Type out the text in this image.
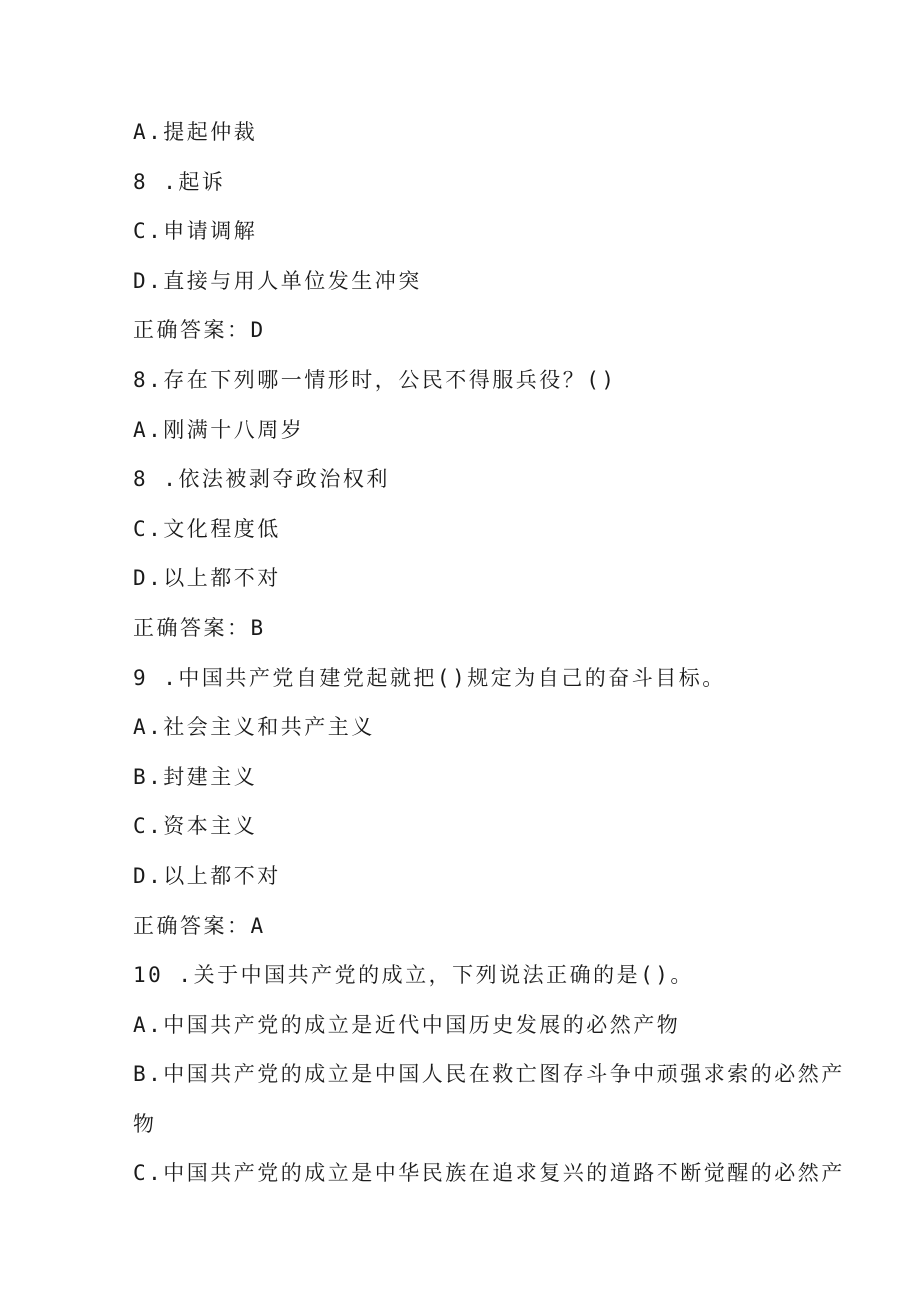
A.提起仲裁
8 .起诉
C.申请调解
D.直接与用人单位发生冲突
正确答案：D
8.存在下列哪一情形时，公民不得服兵役？()
A.刚满十八周岁
8 .依法被剥夺政治权利
C.文化程度低
D.以上都不对
正确答案：B
9 .中国共产党自建党起就把()规定为自己的奋斗目标。
A.社会主义和共产主义
B.封建主义
C.资本主义
D.以上都不对
正确答案：A
10 .关于中国共产党的成立，下列说法正确的是()。
A.中国共产党的成立是近代中国历史发展的必然产物
B.中国共产党的成立是中国人民在救亡图存斗争中顽强求索的必然产
物
C.中国共产党的成立是中华民族在追求复兴的道路不断觉醒的必然产
